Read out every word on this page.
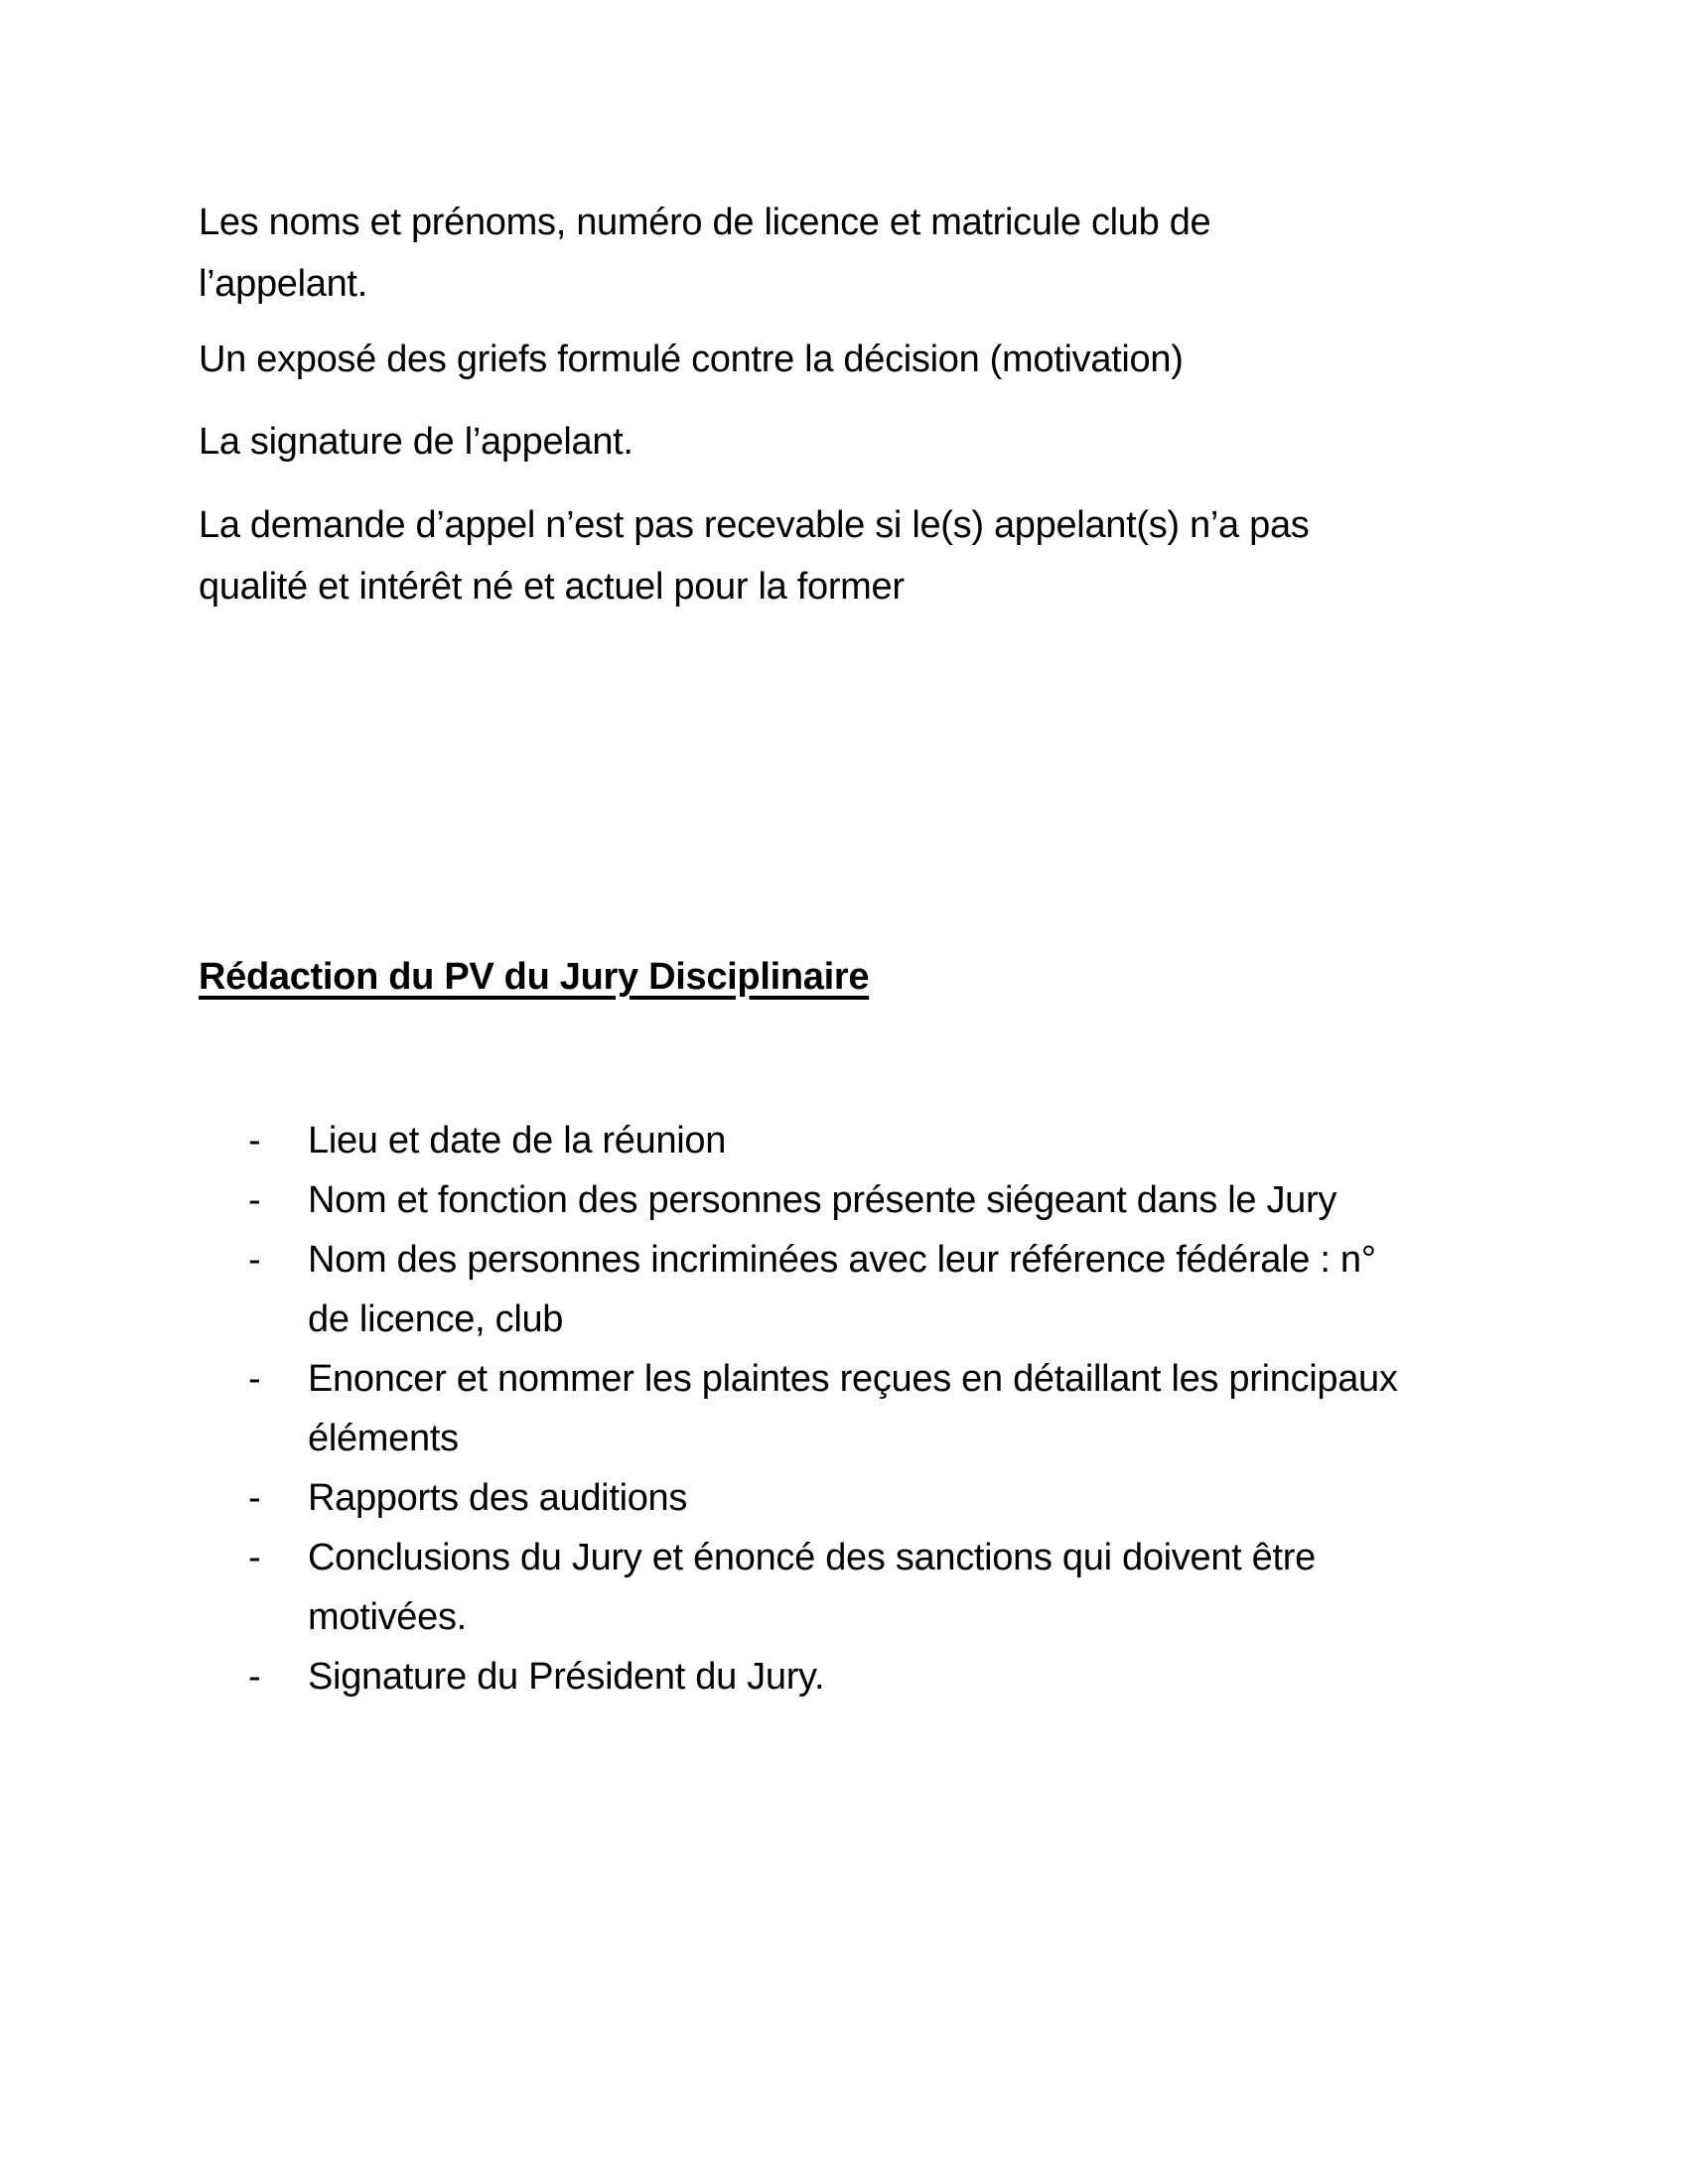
Les noms et prénoms, numéro de licence et matricule club de
l’appelant.

Un exposé des griefs formulé contre la décision (motivation)

La signature de l’appelant.

La demande d’appel n’est pas recevable si le(s) appelant(s) n’a pas
qualité et intérêt né et actuel pour la former

Rédaction du PV du Jury Disciplinaire
- Lieu et date de la réunion
- Nom et fonction des personnes présente siégeant dans le Jury
- Nom des personnes incriminées avec leur référence fédérale : n°
de licence, club
- Enoncer et nommer les plaintes reçues en détaillant les principaux
éléments
- Rapports des auditions
- Conclusions du Jury et énoncé des sanctions qui doivent être
motivées.
- Signature du Président du Jury.
